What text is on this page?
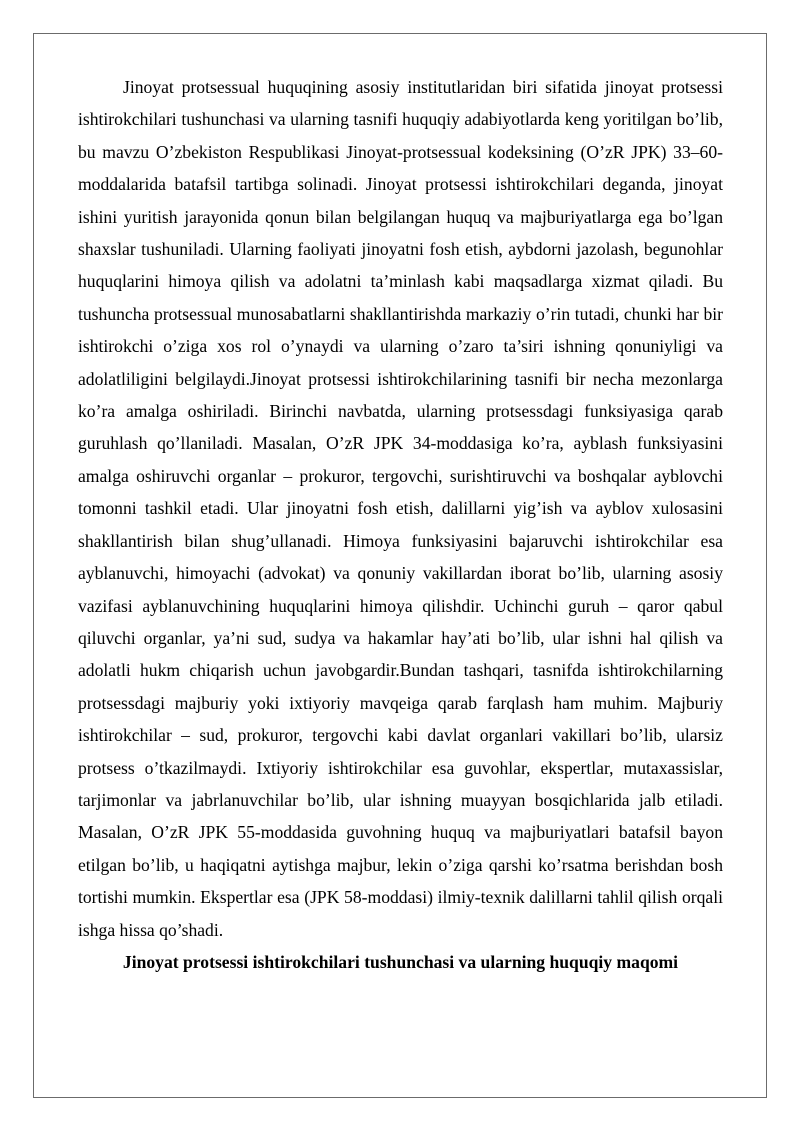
Jinoyat protsessual huquqining asosiy institutlaridan biri sifatida jinoyat protsessi ishtirokchilari tushunchasi va ularning tasnifi huquqiy adabiyotlarda keng yoritilgan bo’lib, bu mavzu O’zbekiston Respublikasi Jinoyat-protsessual kodeksining (O’zR JPK) 33–60-moddalarida batafsil tartibga solinadi. Jinoyat protsessi ishtirokchilari deganda, jinoyat ishini yuritish jarayonida qonun bilan belgilangan huquq va majburiyatlarga ega bo’lgan shaxslar tushuniladi. Ularning faoliyati jinoyatni fosh etish, aybdorni jazolash, begunohlar huquqlarini himoya qilish va adolatni ta’minlash kabi maqsadlarga xizmat qiladi. Bu tushuncha protsessual munosabatlarni shakllantirishda markaziy o’rin tutadi, chunki har bir ishtirokchi o’ziga xos rol o’ynaydi va ularning o’zaro ta’siri ishning qonuniyligi va adolatliligini belgilaydi.Jinoyat protsessi ishtirokchilarining tasnifi bir necha mezonlarga ko’ra amalga oshiriladi. Birinchi navbatda, ularning protsessdagi funksiyasiga qarab guruhlash qo’llaniladi. Masalan, O’zR JPK 34-moddasiga ko’ra, ayblash funksiyasini amalga oshiruvchi organlar – prokuror, tergovchi, surishtiruvchi va boshqalar ayblovchi tomonni tashkil etadi. Ular jinoyatni fosh etish, dalillarni yig’ish va ayblov xulosasini shakllantirish bilan shug’ullanadi. Himoya funksiyasini bajaruvchi ishtirokchilar esa ayblanuvchi, himoyachi (advokat) va qonuniy vakillardan iborat bo’lib, ularning asosiy vazifasi ayblanuvchining huquqlarini himoya qilishdir. Uchinchi guruh – qaror qabul qiluvchi organlar, ya’ni sud, sudya va hakamlar hay’ati bo’lib, ular ishni hal qilish va adolatli hukm chiqarish uchun javobgardir.Bundan tashqari, tasnifda ishtirokchilarning protsessdagi majburiy yoki ixtiyoriy mavqeiga qarab farqlash ham muhim. Majburiy ishtirokchilar – sud, prokuror, tergovchi kabi davlat organlari vakillari bo’lib, ularsiz protsess o’tkazilmaydi. Ixtiyoriy ishtirokchilar esa guvohlar, ekspertlar, mutaxassislar, tarjimonlar va jabrlanuvchilar bo’lib, ular ishning muayyan bosqichlarida jalb etiladi. Masalan, O’zR JPK 55-moddasida guvohning huquq va majburiyatlari batafsil bayon etilgan bo’lib, u haqiqatni aytishga majbur, lekin o’ziga qarshi ko’rsatma berishdan bosh tortishi mumkin. Ekspertlar esa (JPK 58-moddasi) ilmiy-texnik dalillarni tahlil qilish orqali ishga hissa qo’shadi.

Jinoyat protsessi ishtirokchilari tushunchasi va ularning huquqiy maqomi
